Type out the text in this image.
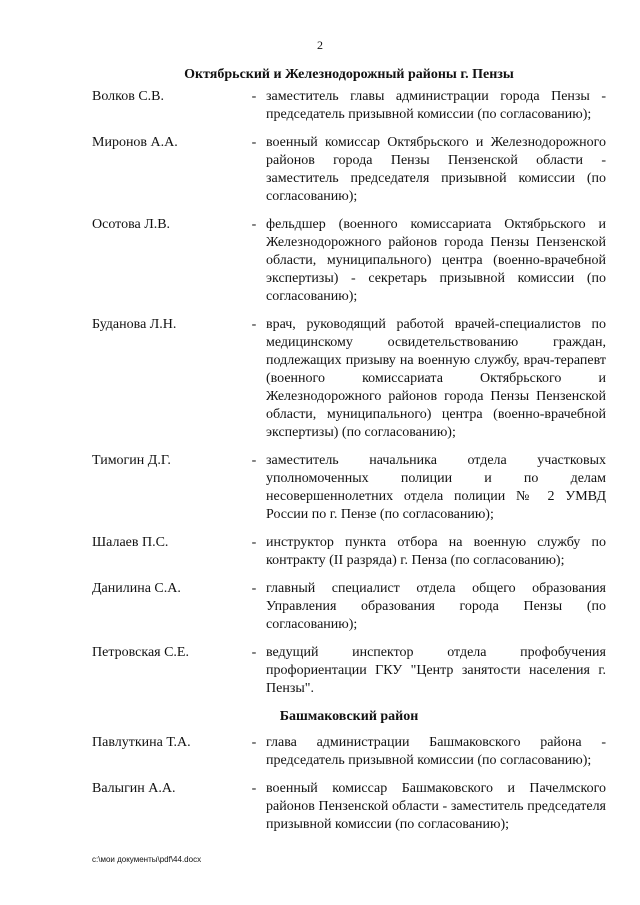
2
Октябрьский и Железнодорожный районы г. Пензы
Волков С.В.	- заместитель главы администрации города Пензы - председатель призывной комиссии (по согласованию);
Миронов А.А.	- военный комиссар Октябрьского и Железнодорожного районов города Пензы Пензенской области - заместитель председателя призывной комиссии (по согласованию);
Осотова Л.В.	- фельдшер (военного комиссариата Октябрьского и Железнодорожного районов города Пензы Пензенской области, муниципального) центра (военно-врачебной экспертизы) - секретарь призывной комиссии (по согласованию);
Буданова Л.Н.	- врач, руководящий работой врачей-специалистов по медицинскому освидетельствованию граждан, подлежащих призыву на военную службу, врач-терапевт (военного комиссариата Октябрьского и Железнодорожного районов города Пензы Пензенской области, муниципального) центра (военно-врачебной экспертизы) (по согласованию);
Тимогин Д.Г.	- заместитель начальника отдела участковых уполномоченных полиции и по делам несовершеннолетних отдела полиции № 2 УМВД России по г. Пензе (по согласованию);
Шалаев П.С.	- инструктор пункта отбора на военную службу по контракту (II разряда) г. Пенза (по согласованию);
Данилина С.А.	- главный специалист отдела общего образования Управления образования города Пензы (по согласованию);
Петровская С.Е.	- ведущий инспектор отдела профобучения профориентации ГКУ "Центр занятости населения г. Пензы".
Башмаковский район
Павлуткина Т.А.	- глава администрации Башмаковского района - председатель призывной комиссии (по согласованию);
Валыгин А.А.	- военный комиссар Башмаковского и Пачелмского районов Пензенской области - заместитель председателя призывной комиссии (по согласованию);
c:\мои документы\pdf\44.docx
